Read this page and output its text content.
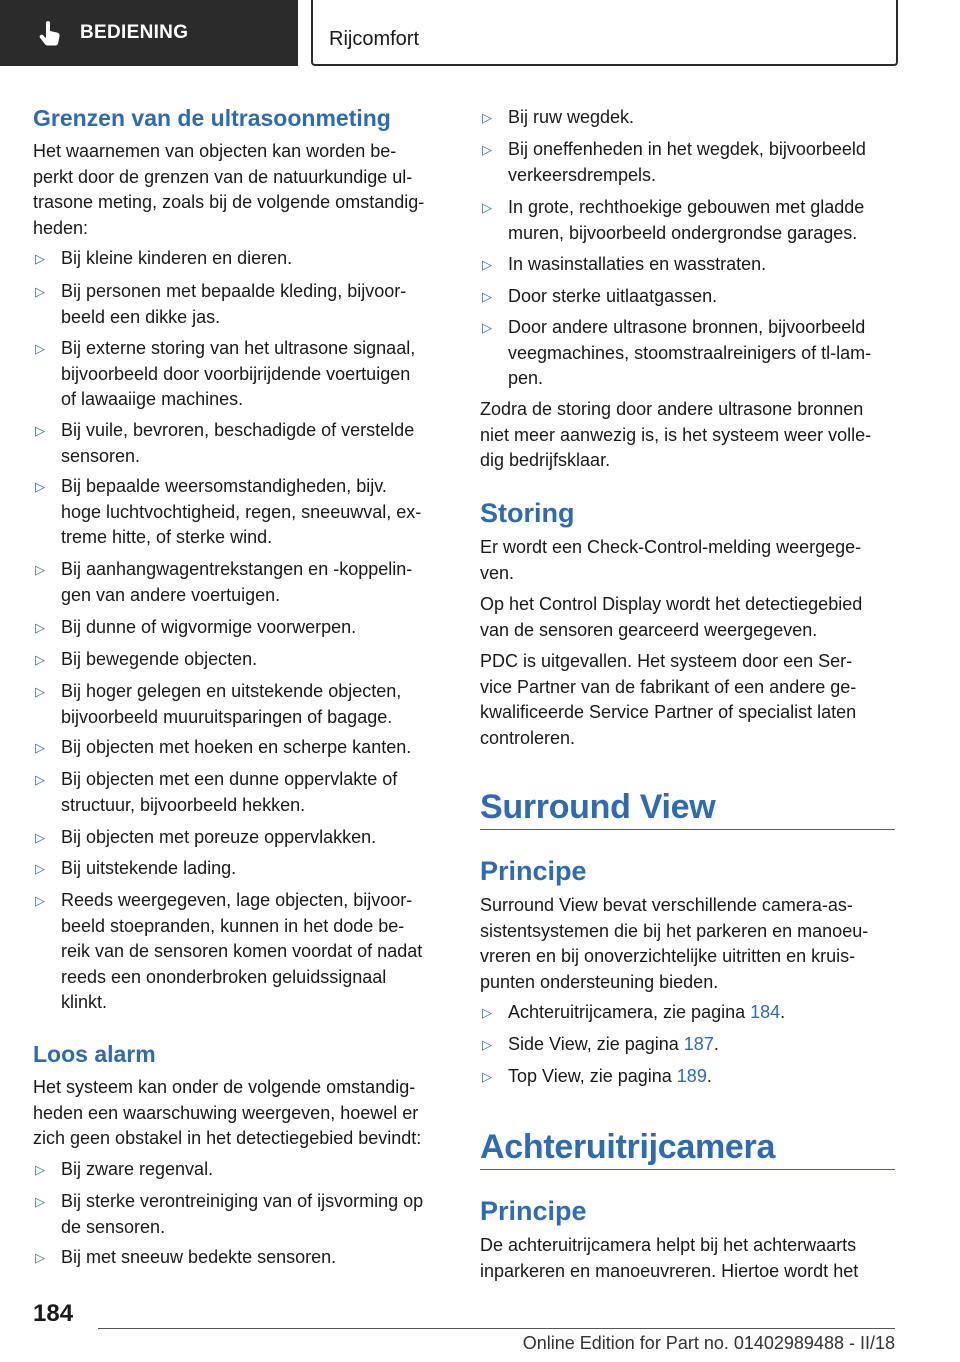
BEDIENING	Rijcomfort
Grenzen van de ultrasoonmeting
Het waarnemen van objecten kan worden be-
perkt door de grenzen van de natuurkundige ul-
trasone meting, zoals bij de volgende omstandig-
heden:
▷ Bij kleine kinderen en dieren.
▷ Bij personen met bepaalde kleding, bijvoor-
beeld een dikke jas.
▷ Bij externe storing van het ultrasone signaal,
bijvoorbeeld door voorbijrijdende voertuigen
of lawaaiige machines.
▷ Bij vuile, bevroren, beschadigde of verstelde
sensoren.
▷ Bij bepaalde weersomstandigheden, bijv.
hoge luchtvochtigheid, regen, sneeuwval, ex-
treme hitte, of sterke wind.
▷ Bij aanhangwagentrekstangen en -koppelin-
gen van andere voertuigen.
▷ Bij dunne of wigvormige voorwerpen.
▷ Bij bewegende objecten.
▷ Bij hoger gelegen en uitstekende objecten,
bijvoorbeeld muuruitsparingen of bagage.
▷ Bij objecten met hoeken en scherpe kanten.
▷ Bij objecten met een dunne oppervlakte of
structuur, bijvoorbeeld hekken.
▷ Bij objecten met poreuze oppervlakken.
▷ Bij uitstekende lading.
▷ Reeds weergegeven, lage objecten, bijvoor-
beeld stoepranden, kunnen in het dode be-
reik van de sensoren komen voordat of nadat
reeds een ononderbroken geluidssignaal
klinkt.
Loos alarm
Het systeem kan onder de volgende omstandig-
heden een waarschuwing weergeven, hoewel er
zich geen obstakel in het detectiegebied bevindt:
▷ Bij zware regenval.
▷ Bij sterke verontreiniging van of ijsvorming op
de sensoren.
▷ Bij met sneeuw bedekte sensoren.
▷ Bij ruw wegdek.
▷ Bij oneffenheden in het wegdek, bijvoorbeeld
verkeersdrempels.
▷ In grote, rechthoekige gebouwen met gladde
muren, bijvoorbeeld ondergrondse garages.
▷ In wasinstallaties en wasstraten.
▷ Door sterke uitlaatgassen.
▷ Door andere ultrasone bronnen, bijvoorbeeld
veegmachines, stoomstraalreinigers of tl-lam-
pen.
Zodra de storing door andere ultrasone bronnen
niet meer aanwezig is, is het systeem weer volle-
dig bedrijfsklaar.
Storing
Er wordt een Check-Control-melding weergege-
ven.
Op het Control Display wordt het detectiegebied
van de sensoren gearceerd weergegeven.
PDC is uitgevallen. Het systeem door een Ser-
vice Partner van de fabrikant of een andere ge-
kwalificeerde Service Partner of specialist laten
controleren.
Surround View
Principe
Surround View bevat verschillende camera-as-
sistentsystemen die bij het parkeren en manoeu-
vreren en bij onoverzichtelijke uitritten en kruis-
punten ondersteuning bieden.
▷ Achteruitrijcamera, zie pagina 184.
▷ Side View, zie pagina 187.
▷ Top View, zie pagina 189.
Achteruitrijcamera
Principe
De achteruitrijcamera helpt bij het achterwaarts
inparkeren en manoeuvreren. Hiertoe wordt het
184
Online Edition for Part no. 01402989488 - II/18
